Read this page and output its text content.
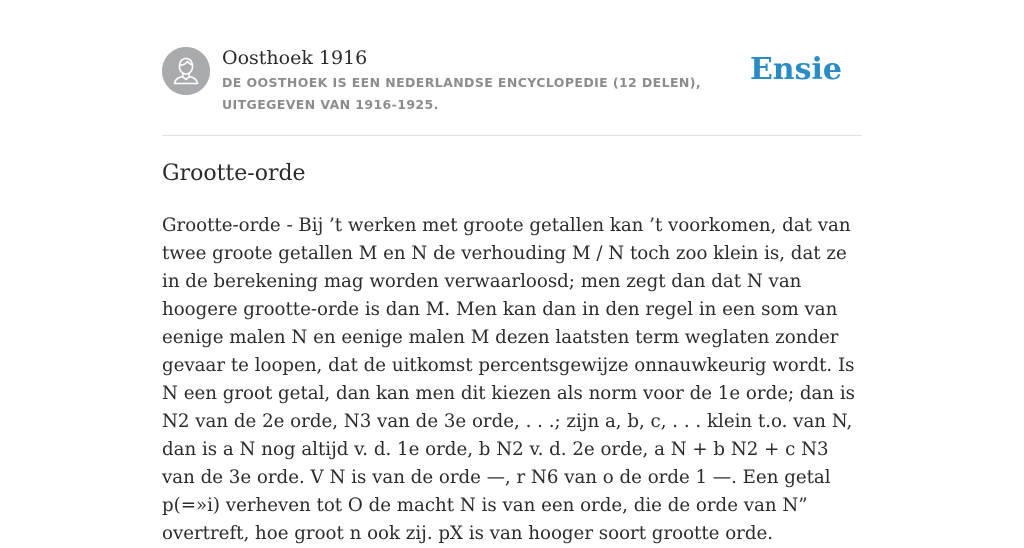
Oosthoek 1916
DE OOSTHOEK IS EEN NEDERLANDSE ENCYCLOPEDIE (12 DELEN), UITGEGEVEN VAN 1916-1925.
Ensie
Grootte-orde

Grootte-orde - Bij ’t werken met groote getallen kan ’t voorkomen, dat van twee groote getallen M en N de verhouding M / N toch zoo klein is, dat ze in de berekening mag worden verwaarloosd; men zegt dan dat N van hoogere grootte-orde is dan M. Men kan dan in den regel in een som van eenige malen N en eenige malen M dezen laatsten term weglaten zonder gevaar te loopen, dat de uitkomst percentsgewijze onnauwkeurig wordt. Is N een groot getal, dan kan men dit kiezen als norm voor de 1e orde; dan is N2 van de 2e orde, N3 van de 3e orde, . . .; zijn a, b, c, . . . klein t.o. van N, dan is a N nog altijd v. d. 1e orde, b N2 v. d. 2e orde, a N + b N2 + c N3 van de 3e orde. V N is van de orde —, r N6 van o de orde 1 —. Een getal p(=»i) verheven tot O de macht N is van een orde, die de orde van N” overtreft, hoe groot n ook zij. pX is van hooger soort grootte orde.
